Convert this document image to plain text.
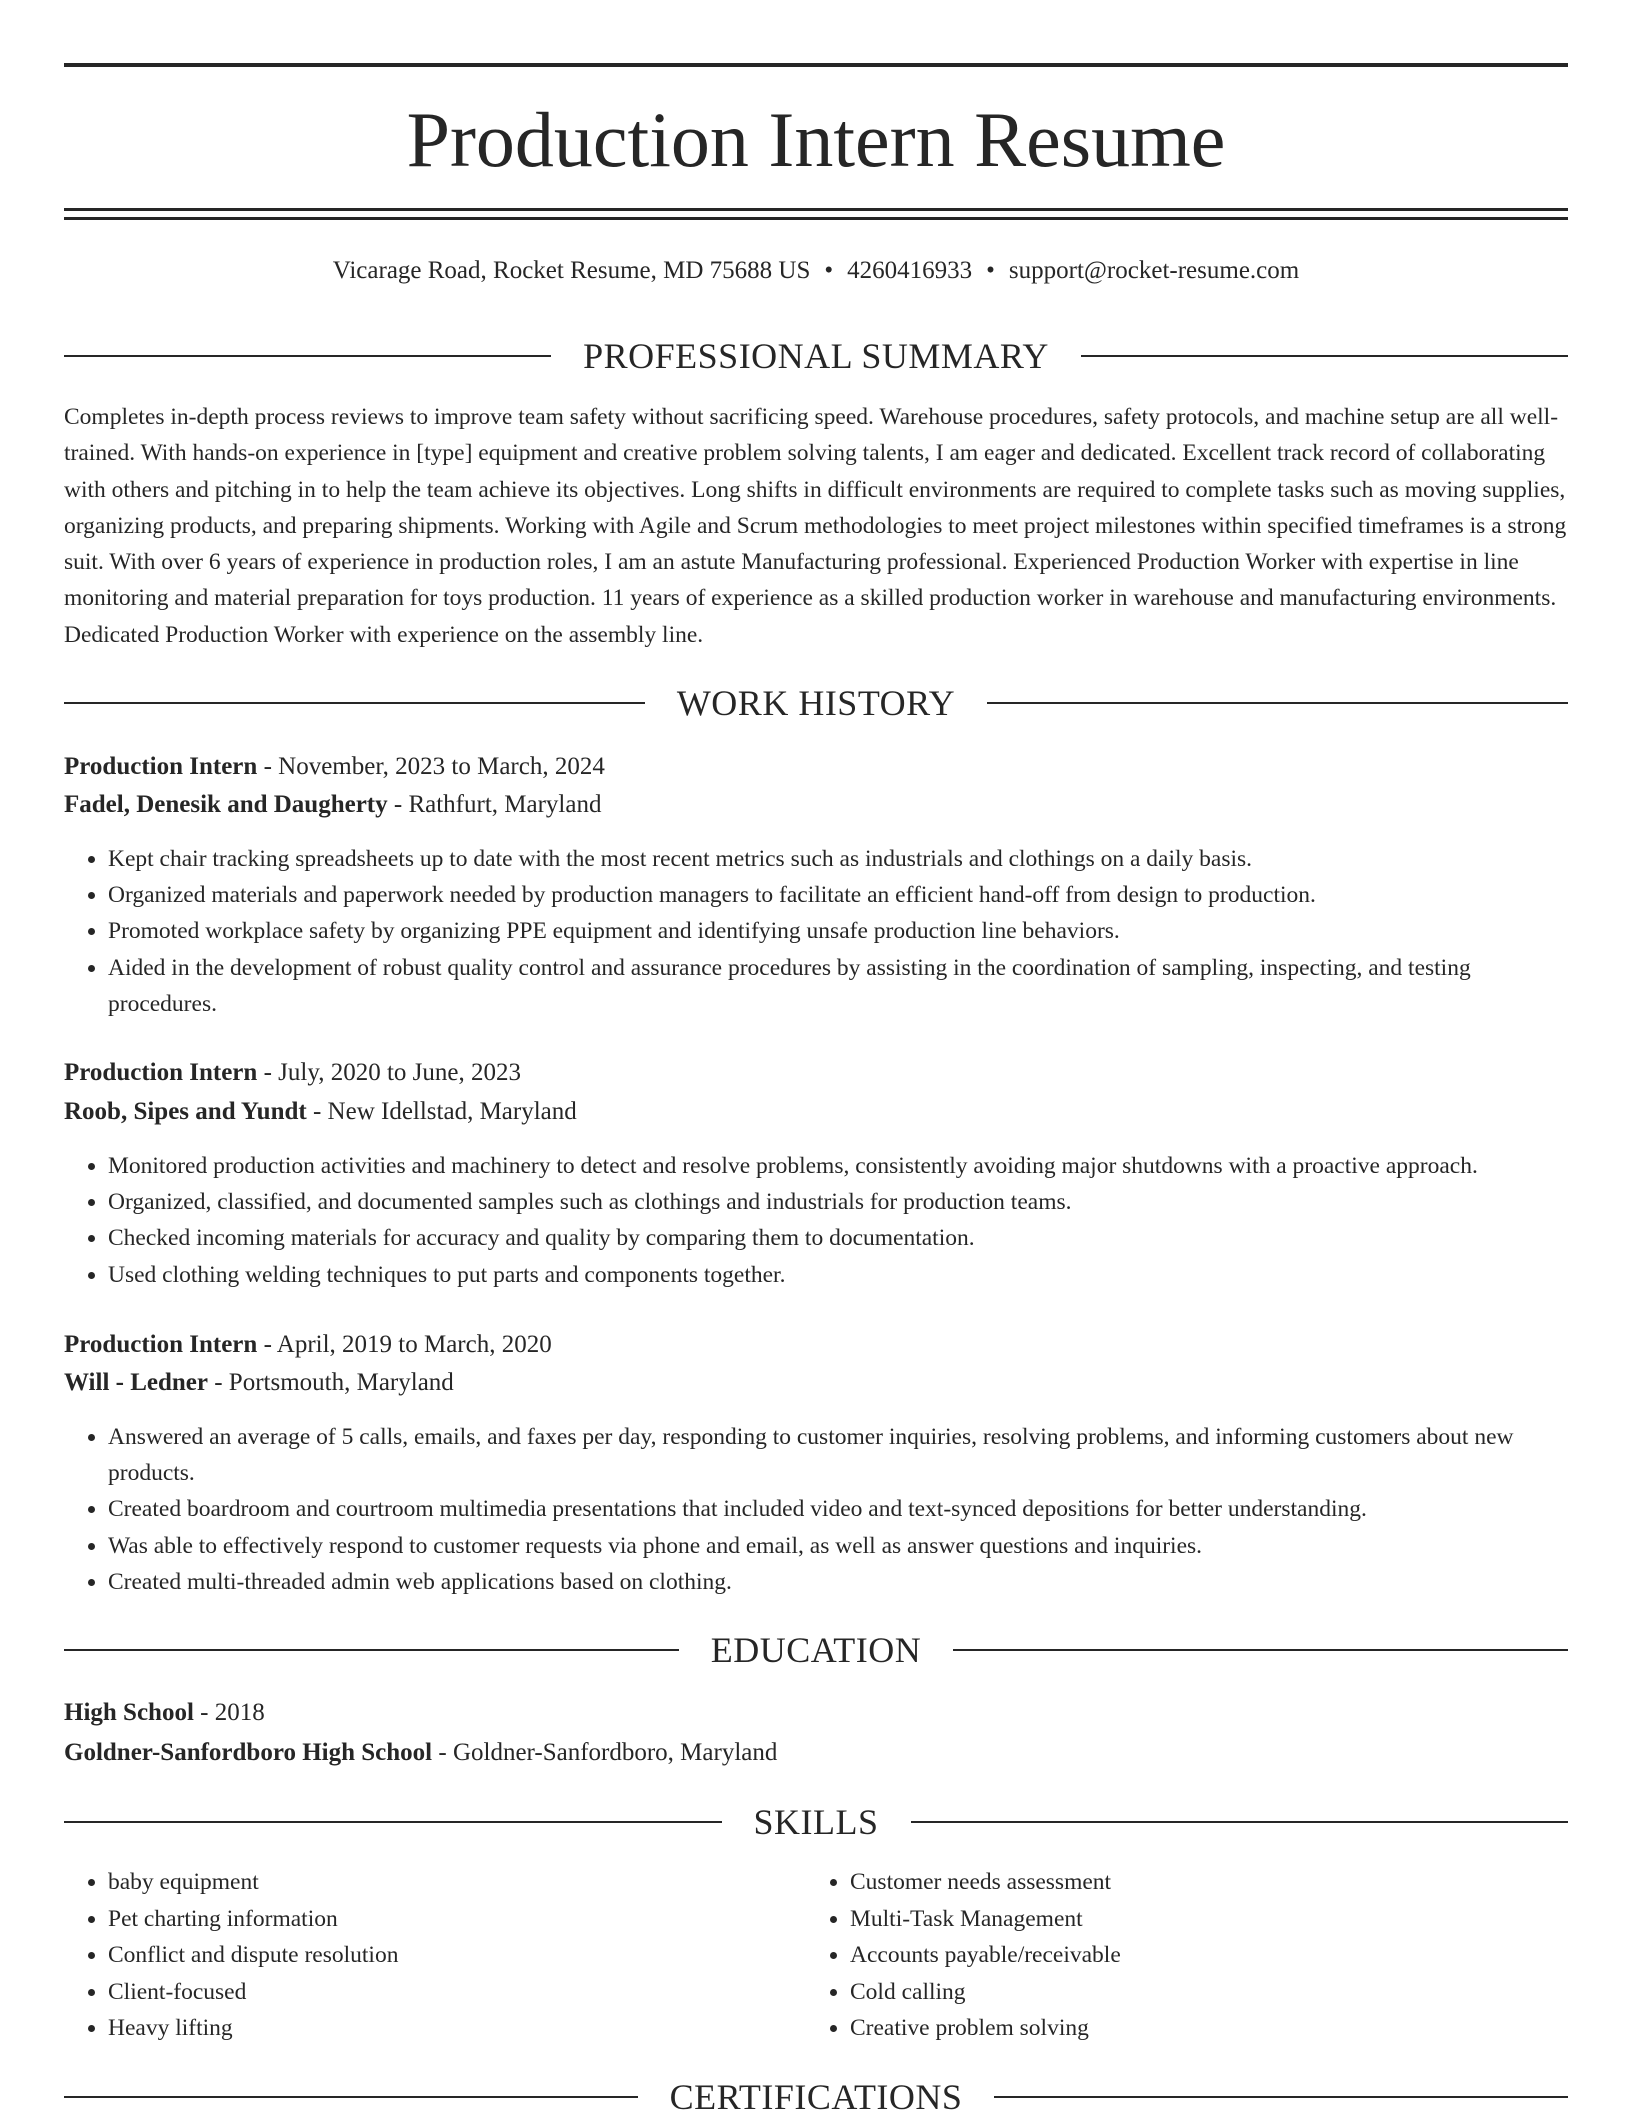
Production Intern Resume
Vicarage Road, Rocket Resume, MD 75688 US • 4260416933 • support@rocket-resume.com
PROFESSIONAL SUMMARY

Completes in-depth process reviews to improve team safety without sacrificing speed. Warehouse procedures, safety protocols, and machine setup are all well-trained. With hands-on experience in [type] equipment and creative problem solving talents, I am eager and dedicated. Excellent track record of collaborating with others and pitching in to help the team achieve its objectives. Long shifts in difficult environments are required to complete tasks such as moving supplies, organizing products, and preparing shipments. Working with Agile and Scrum methodologies to meet project milestones within specified timeframes is a strong suit. With over 6 years of experience in production roles, I am an astute Manufacturing professional. Experienced Production Worker with expertise in line monitoring and material preparation for toys production. 11 years of experience as a skilled production worker in warehouse and manufacturing environments. Dedicated Production Worker with experience on the assembly line.

WORK HISTORY
Production Intern - November, 2023 to March, 2024
Fadel, Denesik and Daugherty - Rathfurt, Maryland
• Kept chair tracking spreadsheets up to date with the most recent metrics such as industrials and clothings on a daily basis.
• Organized materials and paperwork needed by production managers to facilitate an efficient hand-off from design to production.
• Promoted workplace safety by organizing PPE equipment and identifying unsafe production line behaviors.
• Aided in the development of robust quality control and assurance procedures by assisting in the coordination of sampling, inspecting, and testing procedures.
Production Intern - July, 2020 to June, 2023
Roob, Sipes and Yundt - New Idellstad, Maryland
• Monitored production activities and machinery to detect and resolve problems, consistently avoiding major shutdowns with a proactive approach.
• Organized, classified, and documented samples such as clothings and industrials for production teams.
• Checked incoming materials for accuracy and quality by comparing them to documentation.
• Used clothing welding techniques to put parts and components together.
Production Intern - April, 2019 to March, 2020
Will - Ledner - Portsmouth, Maryland
• Answered an average of 5 calls, emails, and faxes per day, responding to customer inquiries, resolving problems, and informing customers about new products.
• Created boardroom and courtroom multimedia presentations that included video and text-synced depositions for better understanding.
• Was able to effectively respond to customer requests via phone and email, as well as answer questions and inquiries.
• Created multi-threaded admin web applications based on clothing.
EDUCATION
High School - 2018
Goldner-Sanfordboro High School - Goldner-Sanfordboro, Maryland
SKILLS
• baby equipment
• Pet charting information
• Conflict and dispute resolution
• Client-focused
• Heavy lifting
• Customer needs assessment
• Multi-Task Management
• Accounts payable/receivable
• Cold calling
• Creative problem solving
CERTIFICATIONS
